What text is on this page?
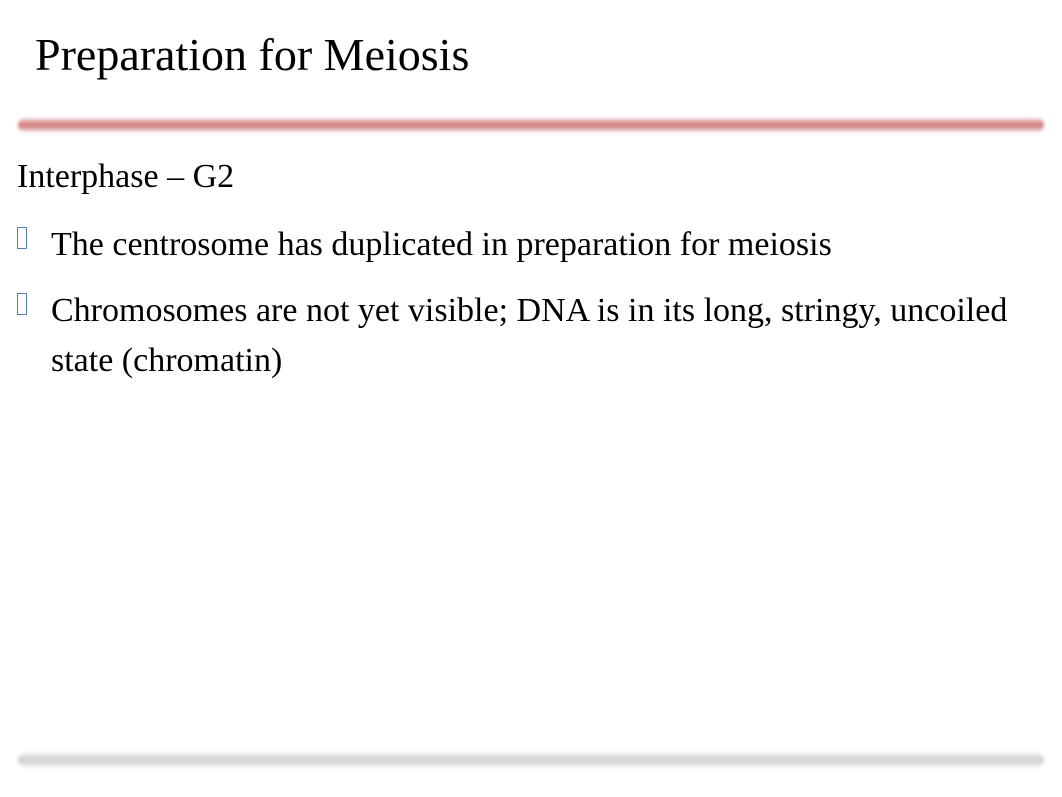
Preparation for Meiosis
Interphase – G2
The centrosome has duplicated in preparation for meiosis
Chromosomes are not yet visible; DNA is in its long, stringy, uncoiled state (chromatin)
